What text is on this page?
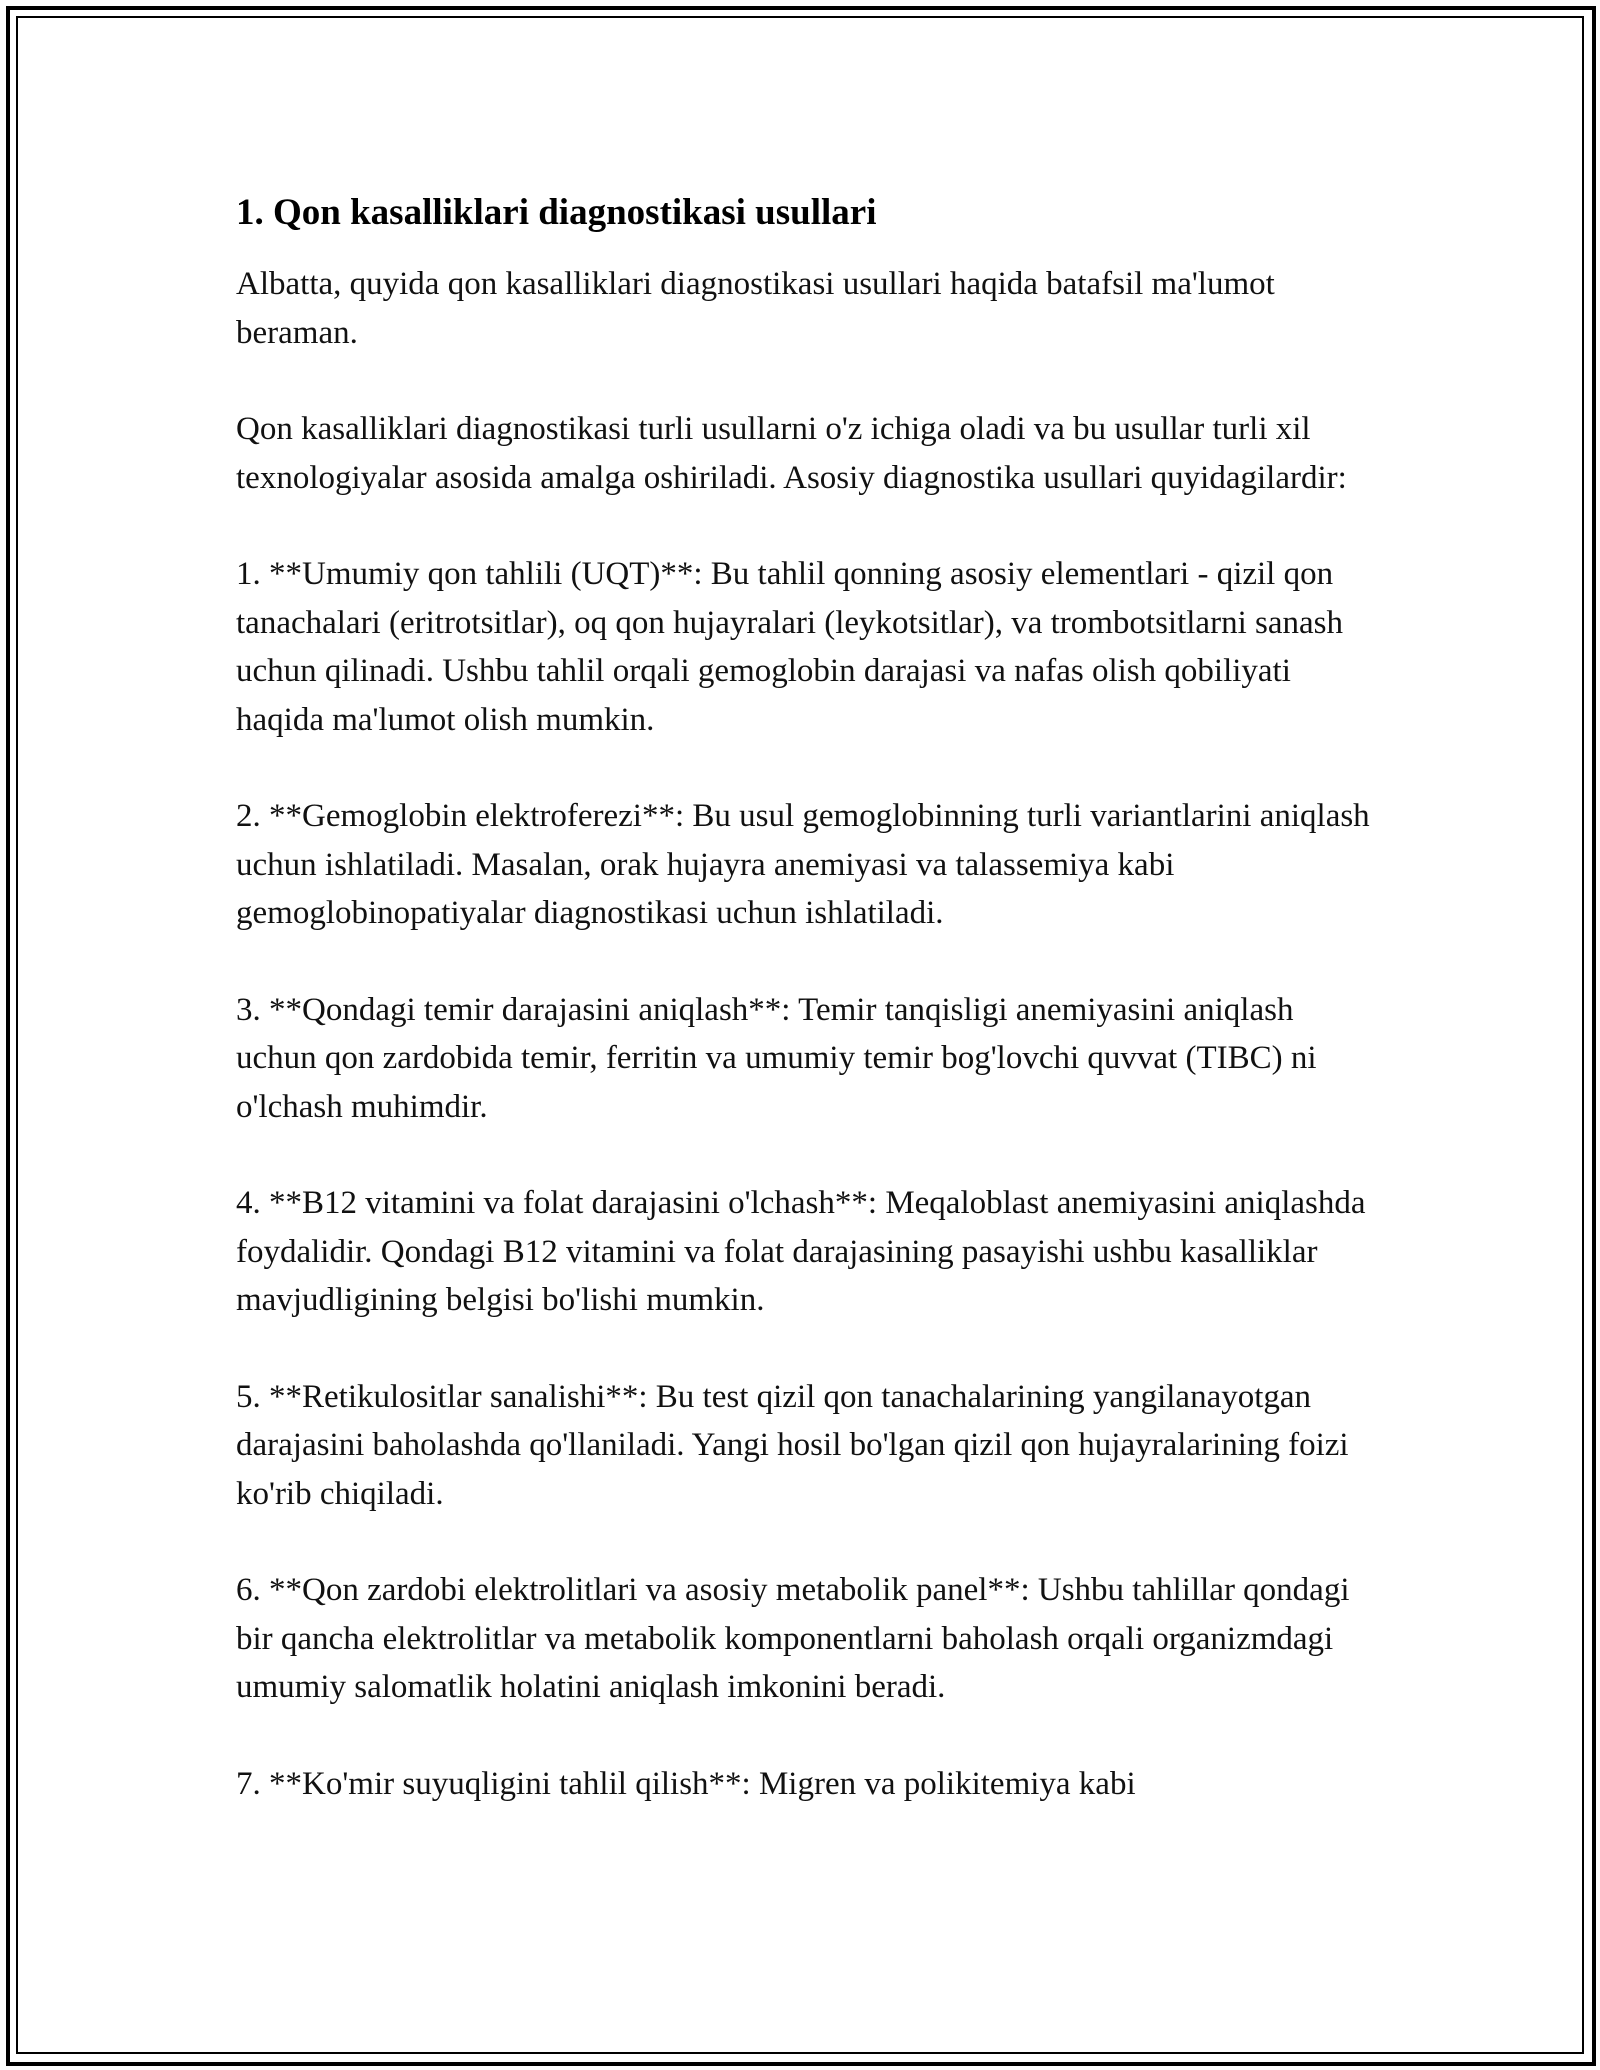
1. Qon kasalliklari diagnostikasi usullari

Albatta, quyida qon kasalliklari diagnostikasi usullari haqida batafsil ma'lumot beraman.

Qon kasalliklari diagnostikasi turli usullarni o'z ichiga oladi va bu usullar turli xil texnologiyalar asosida amalga oshiriladi. Asosiy diagnostika usullari quyidagilardir:

1. **Umumiy qon tahlili (UQT)**: Bu tahlil qonning asosiy elementlari - qizil qon tanachalari (eritrotsitlar), oq qon hujayralari (leykotsitlar), va trombotsitlarni sanash uchun qilinadi. Ushbu tahlil orqali gemoglobin darajasi va nafas olish qobiliyati haqida ma'lumot olish mumkin.

2. **Gemoglobin elektroferezi**: Bu usul gemoglobinning turli variantlarini aniqlash uchun ishlatiladi. Masalan, orak hujayra anemiyasi va talassemiya kabi gemoglobinopatiyalar diagnostikasi uchun ishlatiladi.

3. **Qondagi temir darajasini aniqlash**: Temir tanqisligi anemiyasini aniqlash uchun qon zardobida temir, ferritin va umumiy temir bog'lovchi quvvat (TIBC) ni o'lchash muhimdir.

4. **B12 vitamini va folat darajasini o'lchash**: Meqaloblast anemiyasini aniqlashda foydalidir. Qondagi B12 vitamini va folat darajasining pasayishi ushbu kasalliklar mavjudligining belgisi bo'lishi mumkin.

5. **Retikulositlar sanalishi**: Bu test qizil qon tanachalarining yangilanayotgan darajasini baholashda qo'llaniladi. Yangi hosil bo'lgan qizil qon hujayralarining foizi ko'rib chiqiladi.

6. **Qon zardobi elektrolitlari va asosiy metabolik panel**: Ushbu tahlillar qondagi bir qancha elektrolitlar va metabolik komponentlarni baholash orqali organizmdagi umumiy salomatlik holatini aniqlash imkonini beradi.

7. **Ko'mir suyuqligini tahlil qilish**: Migren va polikitemiya kabi
